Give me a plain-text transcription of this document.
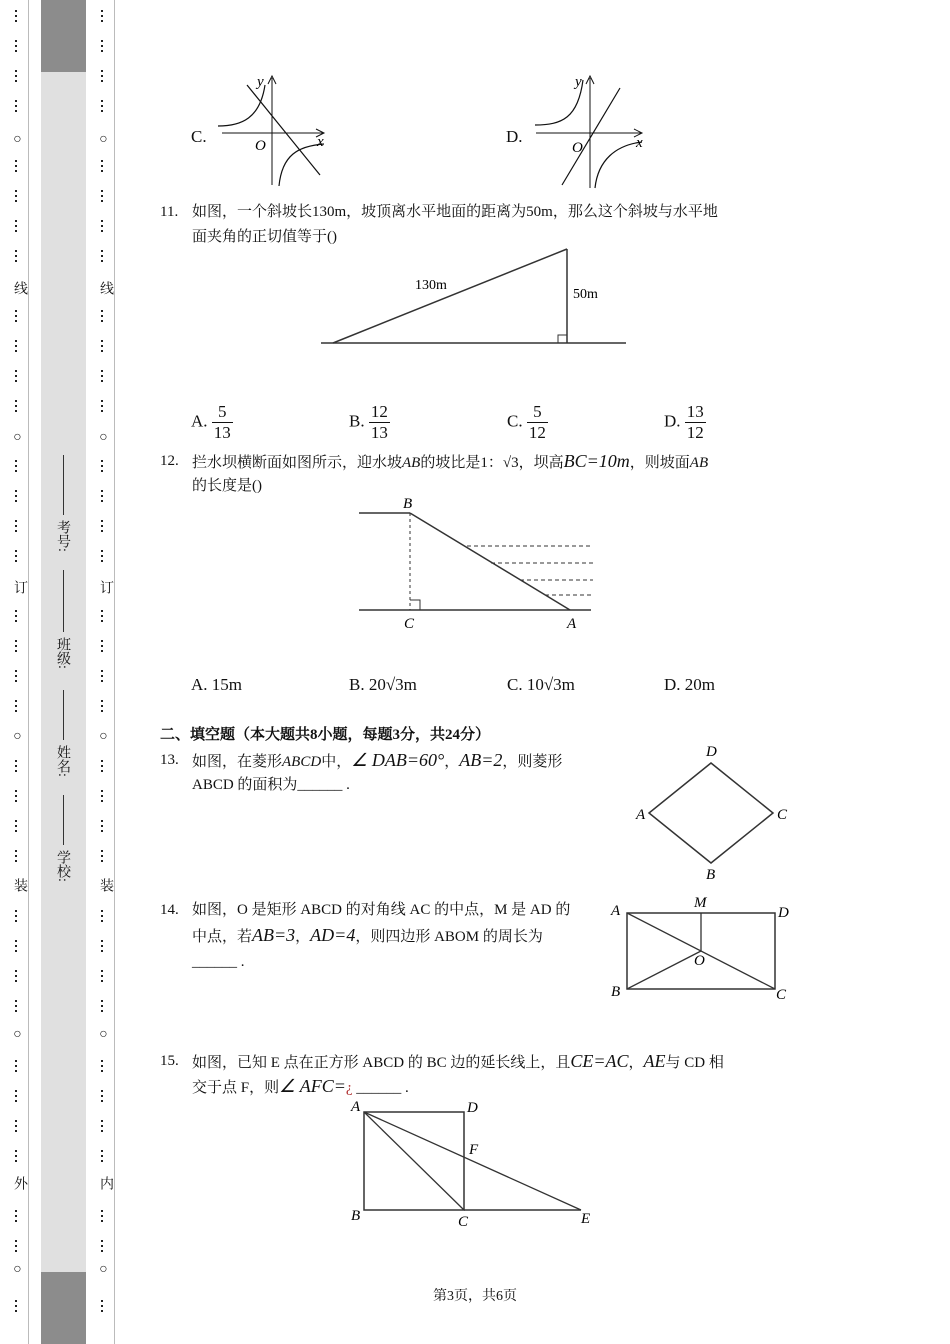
○
线
○
订
○
装
○
外
○
○
线
○
订
○
装
○
内
○
考号:
班级:
姓名:
学校:
C.
y
x
O	D.
y
x
O
11. 如图，一个斜坡长130m，坡顶离水平地面的距离为50m，那么这个斜坡与水平地
面夹角的正切值等于()
130m
50m
A. $\frac{5}{13}$	B. $\frac{12}{13}$	C. $\frac{5}{12}$	D. $\frac{13}{12}$
12. 拦水坝横断面如图所示，迎水坡AB的坡比是1：√3，坝高BC=10m，则坡面AB
的长度是()
B
C	A
A. 15m	B. 20√3m	C. 10√3m	D. 20m
二、填空题（本大题共8小题，每题3分，共24分）
13. 如图，在菱形ABCD中，∠ DAB=60°，AB=2，则菱形
ABCD 的面积为______ .
D
A	C
B
14. 如图，O 是矩形 ABCD 的对角线 AC 的中点，M 是 AD 的
中点，若AB=3，AD=4，则四边形 ABOM 的周长为
______ .
A	M
D
O
B	C
15. 如图，已知 E 点在正方形 ABCD 的 BC 边的延长线上，且CE=AC，AE与 CD 相
交于点 F，则∠ AFC=¿ ______ .
A	D
F
B	C	E
第3页，共6页
